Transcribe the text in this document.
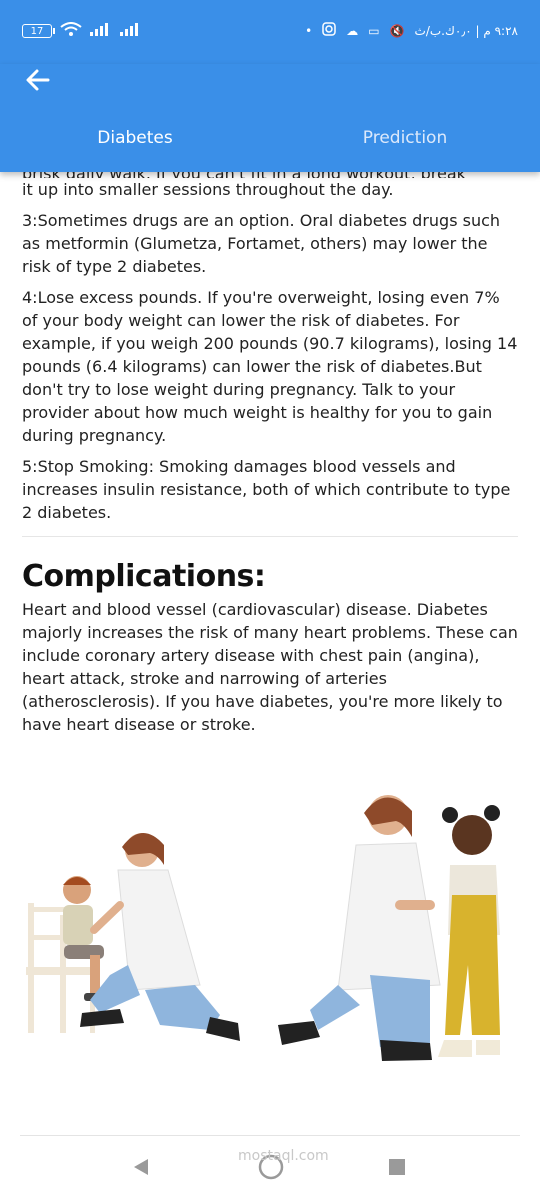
17	•	☁ ▭ 🔇 ٩:٢٨ م | ٠٫٠ك.ب/ث
Diabetes	Prediction

it up into smaller sessions throughout the day.

3:Sometimes drugs are an option. Oral diabetes drugs such as metformin (Glumetza, Fortamet, others) may lower the risk of type 2 diabetes.

4:Lose excess pounds. If you're overweight, losing even 7% of your body weight can lower the risk of diabetes. For example, if you weigh 200 pounds (90.7 kilograms), losing 14 pounds (6.4 kilograms) can lower the risk of diabetes.But don't try to lose weight during pregnancy. Talk to your provider about how much weight is healthy for you to gain during pregnancy.

5:Stop Smoking: Smoking damages blood vessels and increases insulin resistance, both of which contribute to type 2 diabetes.

Complications:

Heart and blood vessel (cardiovascular) disease. Diabetes majorly increases the risk of many heart problems. These can include coronary artery disease with chest pain (angina), heart attack, stroke and narrowing of arteries (atherosclerosis). If you have diabetes, you're more likely to have heart disease or stroke.

mostaql.com
